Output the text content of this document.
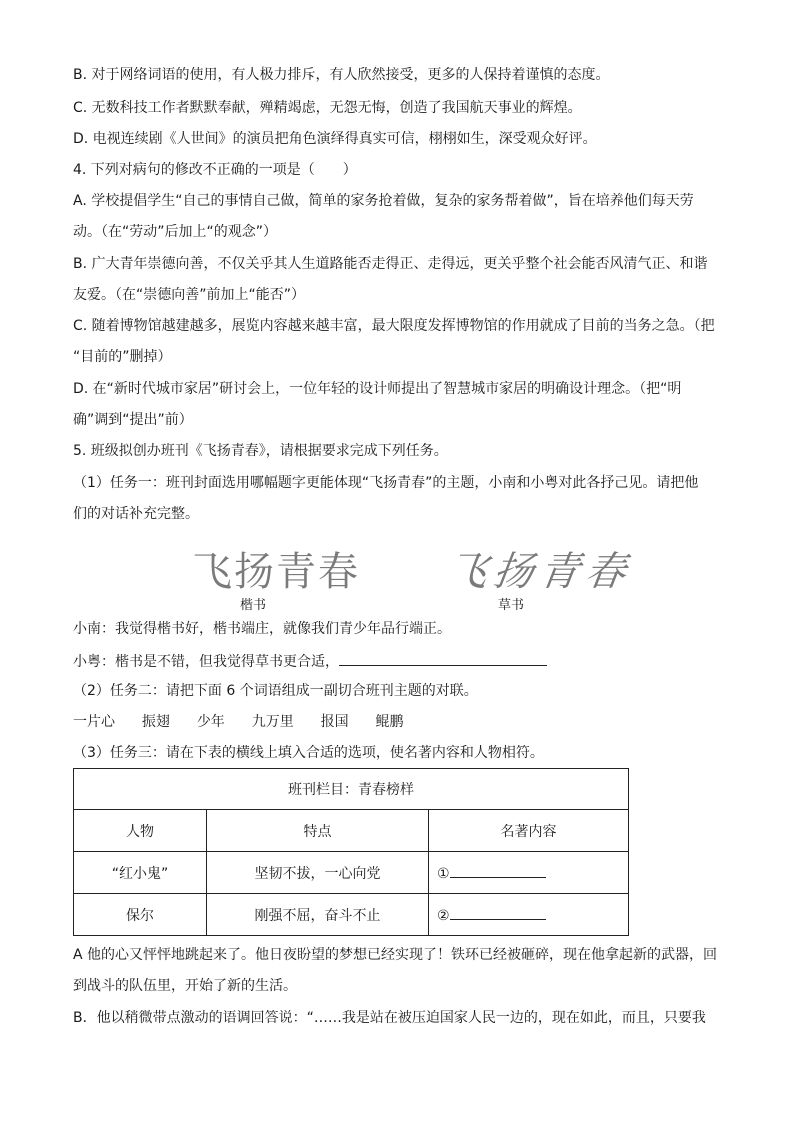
B. 对于网络词语的使用，有人极力排斥，有人欣然接受，更多的人保持着谨慎的态度。
C. 无数科技工作者默默奉献，殚精竭虑，无怨无悔，创造了我国航天事业的辉煌。
D. 电视连续剧《人世间》的演员把角色演绎得真实可信，栩栩如生，深受观众好评。
4. 下列对病句的修改不正确的一项是（　　）
A. 学校提倡学生“自己的事情自己做，简单的家务抢着做，复杂的家务帮着做”，旨在培养他们每天劳
动。（在“劳动”后加上“的观念”）
B. 广大青年崇德向善，不仅关乎其人生道路能否走得正、走得远，更关乎整个社会能否风清气正、和谐
友爱。（在“崇德向善”前加上“能否”）
C. 随着博物馆越建越多，展览内容越来越丰富，最大限度发挥博物馆的作用就成了目前的当务之急。（把
“目前的”删掉）
D. 在“新时代城市家居”研讨会上，一位年轻的设计师提出了智慧城市家居的明确设计理念。（把“明
确”调到“提出”前）
5. 班级拟创办班刊《飞扬青春》，请根据要求完成下列任务。
（1）任务一：班刊封面选用哪幅题字更能体现“飞扬青春”的主题，小南和小粤对此各抒己见。请把他
们的对话补充完整。
飞扬青春 飞扬青春
楷书	草书
小南：我觉得楷书好，楷书端庄，就像我们青少年品行端正。
小粤：楷书是不错，但我觉得草书更合适，
（2）任务二：请把下面 6 个词语组成一副切合班刊主题的对联。
一片心 振翅 少年 九万里 报国 鲲鹏
（3）任务三：请在下表的横线上填入合适的选项，使名著内容和人物相符。
班刊栏目：青春榜样		
人物	特点	名著内容
“红小鬼”	坚韧不拔，一心向党	①
保尔	刚强不屈，奋斗不止	②
A 他的心又怦怦地跳起来了。他日夜盼望的梦想已经实现了！铁环已经被砸碎，现在他拿起新的武器，回
到战斗的队伍里，开始了新的生活。
B．他以稍微带点激动的语调回答说：“……我是站在被压迫国家人民一边的，现在如此，而且，只要我
